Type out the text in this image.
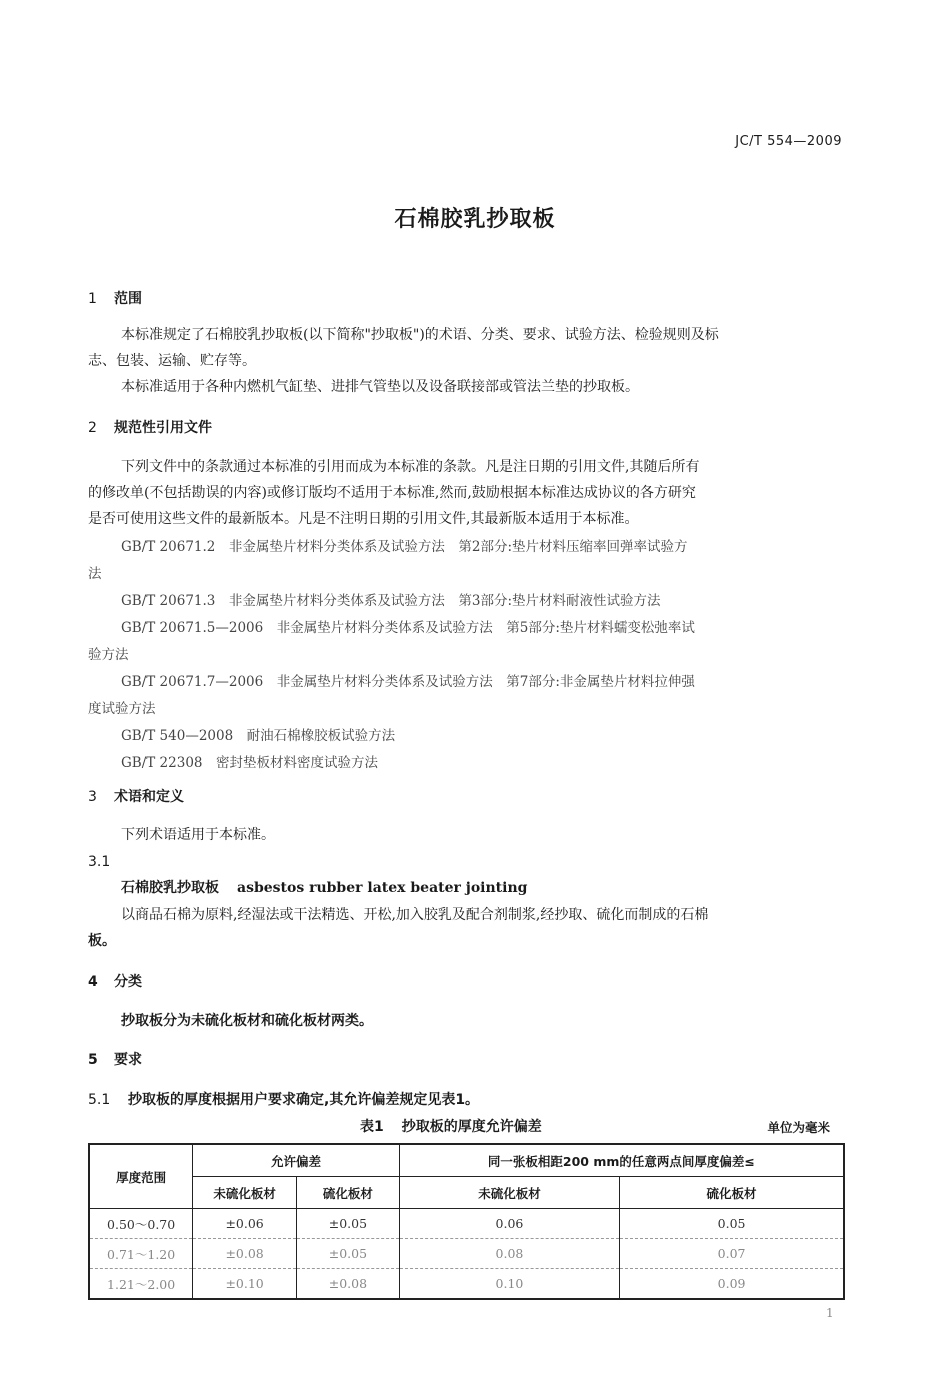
JC/T 554—2009
石棉胶乳抄取板
1 范围
本标准规定了石棉胶乳抄取板(以下简称"抄取板")的术语、分类、要求、试验方法、检验规则及标
志、包装、运输、贮存等。
本标准适用于各种内燃机气缸垫、进排气管垫以及设备联接部或管法兰垫的抄取板。
2 规范性引用文件
下列文件中的条款通过本标准的引用而成为本标准的条款。凡是注日期的引用文件,其随后所有
的修改单(不包括勘误的内容)或修订版均不适用于本标准,然而,鼓励根据本标准达成协议的各方研究
是否可使用这些文件的最新版本。凡是不注明日期的引用文件,其最新版本适用于本标准。
GB/T 20671.2　非金属垫片材料分类体系及试验方法　第2部分:垫片材料压缩率回弹率试验方
法
GB/T 20671.3　非金属垫片材料分类体系及试验方法　第3部分:垫片材料耐液性试验方法
GB/T 20671.5—2006　非金属垫片材料分类体系及试验方法　第5部分:垫片材料蠕变松弛率试
验方法
GB/T 20671.7—2006　非金属垫片材料分类体系及试验方法　第7部分:非金属垫片材料拉伸强
度试验方法
GB/T 540—2008　耐油石棉橡胶板试验方法
GB/T 22308　密封垫板材料密度试验方法
3 术语和定义
下列术语适用于本标准。
3.1
石棉胶乳抄取板 asbestos rubber latex beater jointing
以商品石棉为原料,经湿法或干法精选、开松,加入胶乳及配合剂制浆,经抄取、硫化而制成的石棉
板。
4 分类
抄取板分为未硫化板材和硫化板材两类。
5 要求
5.1 抄取板的厚度根据用户要求确定,其允许偏差规定见表1。
表1 抄取板的厚度允许偏差	单位为毫米
厚度范围	允许偏差		同一张板相距200 mm的任意两点间厚度偏差≤	
	未硫化板材	硫化板材	未硫化板材	硫化板材
0.50～0.70	±0.06	±0.05	0.06	0.05
0.71～1.20	±0.08	±0.05	0.08	0.07
1.21～2.00	±0.10	±0.08	0.10	0.09
1
